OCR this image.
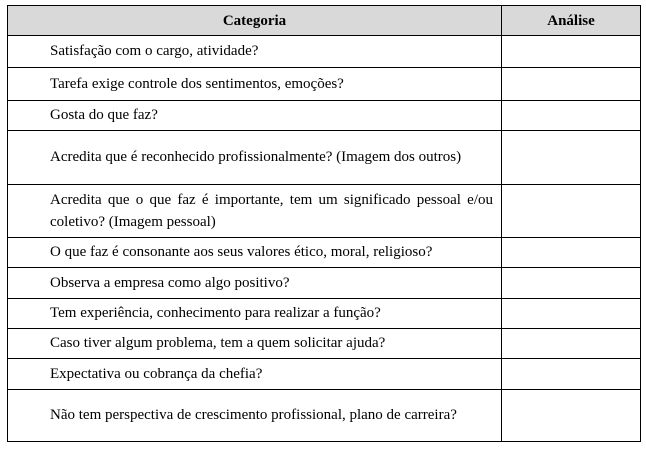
Categoria	Análise
Satisfação com o cargo, atividade?	
Tarefa exige controle dos sentimentos, emoções?	
Gosta do que faz?	
Acredita que é reconhecido profissionalmente? (Imagem dos outros)	
Acredita que o que faz é importante, tem um significado pessoal e/ou coletivo? (Imagem pessoal)	
O que faz é consonante aos seus valores ético, moral, religioso?	
Observa a empresa como algo positivo?	
Tem experiência, conhecimento para realizar a função?	
Caso tiver algum problema, tem a quem solicitar ajuda?	
Expectativa ou cobrança da chefia?	
Não tem perspectiva de crescimento profissional, plano de carreira?	
